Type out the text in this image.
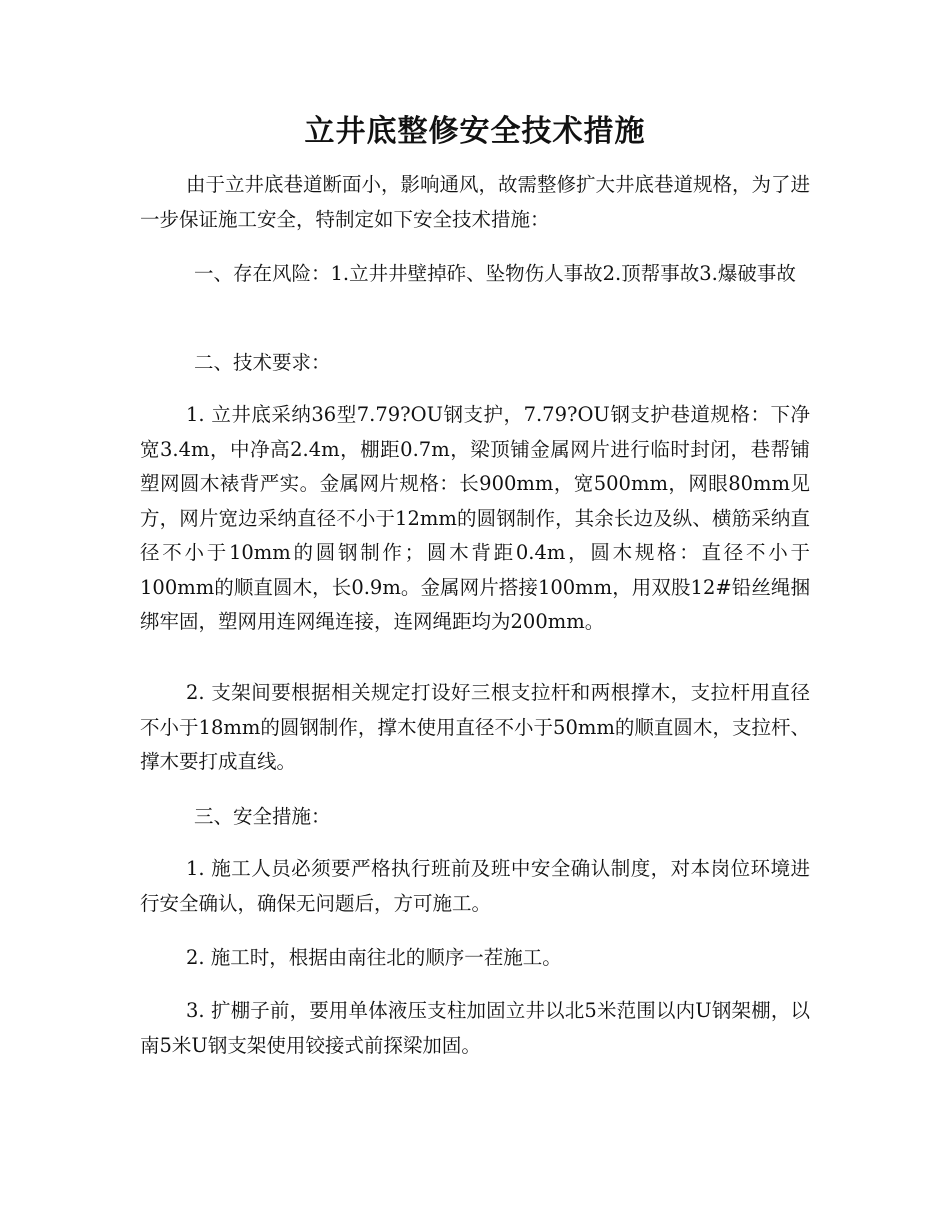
立井底整修安全技术措施

由于立井底巷道断面小，影响通风，故需整修扩大井底巷道规格，为了进一步保证施工安全，特制定如下安全技术措施：

一、存在风险：1.立井井壁掉砟、坠物伤人事故2.顶帮事故3.爆破事故

二、技术要求：

1. 立井底采纳36型7.79?OU钢支护，7.79?OU钢支护巷道规格：下净宽3.4m，中净高2.4m，棚距0.7m，梁顶铺金属网片进行临时封闭，巷帮铺塑网圆木裱背严实。金属网片规格：长900mm，宽500mm，网眼80mm见方，网片宽边采纳直径不小于12mm的圆钢制作，其余长边及纵、横筋采纳直径不小于10mm的圆钢制作；圆木背距0.4m，圆木规格：直径不小于100mm的顺直圆木，长0.9m。金属网片搭接100mm，用双股12#铅丝绳捆绑牢固，塑网用连网绳连接，连网绳距均为200mm。

2. 支架间要根据相关规定打设好三根支拉杆和两根撑木，支拉杆用直径不小于18mm的圆钢制作，撑木使用直径不小于50mm的顺直圆木，支拉杆、撑木要打成直线。

三、安全措施：

1. 施工人员必须要严格执行班前及班中安全确认制度，对本岗位环境进行安全确认，确保无问题后，方可施工。

2. 施工时，根据由南往北的顺序一茬施工。

3. 扩棚子前，要用单体液压支柱加固立井以北5米范围以内U钢架棚，以南5米U钢支架使用铰接式前探梁加固。
